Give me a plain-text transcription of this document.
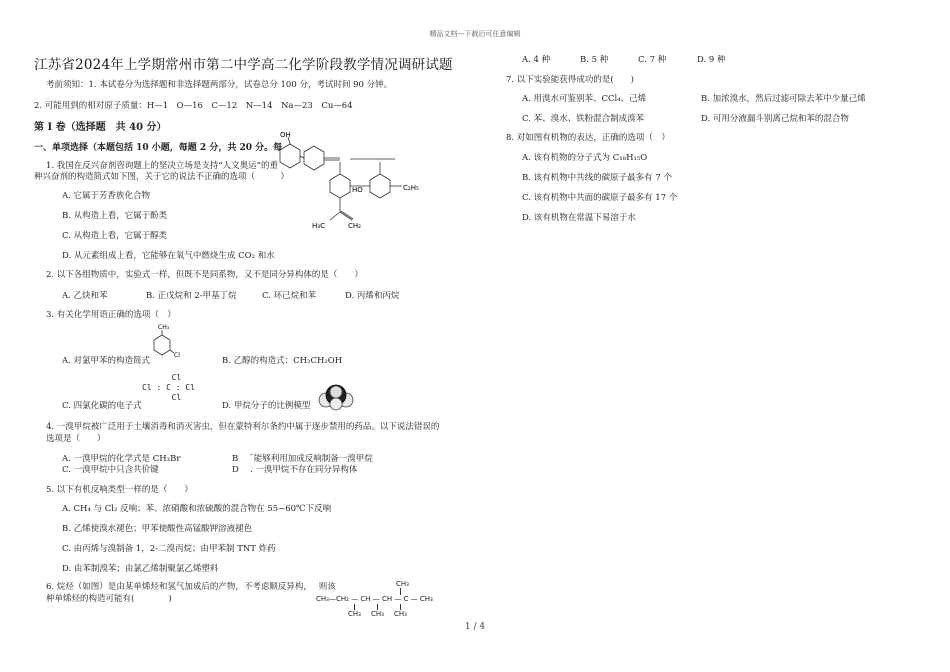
精品文档---下载后可任意编辑
江苏省2024年上学期常州市第二中学高二化学阶段教学情况调研试题
考前须知：1. 本试卷分为选择题和非选择题两部分，试卷总分 100 分，考试时间 90 分钟。
2. 可能用到的相对原子质量：H—1　O—16　C—12　N—14　Na—23　Cu—64
第 I 卷（选择题　共 40 分）
一、单项选择（本题包括 10 小题，每题 2 分，共 20 分。每
1. 我国在反兴奋剂咨询题上的坚决立场是支持“人文奥运”的重
种兴奋剂的构造简式如下图，关于它的说法不正确的选项（　　　）
A. 它属于芳香族化合物
B. 从构造上看，它属于酚类
C. 从构造上看，它属于醇类
D. 从元素组成上看，它能够在氧气中燃烧生成 CO₂ 和水
OH
HO	C₂H₅
H₃C	CH₂
2. 以下各组物质中，实验式一样，但既不是同系物，又不是同分异构体的是（　　）
A. 乙炔和苯	B. 正戊烷和 2-甲基丁烷	C. 环己烷和苯	D. 丙烯和丙烷
3. 有关化学用语正确的选项（　）
CH₃
Cl
A. 对氯甲苯的构造简式	B. 乙醇的构造式：CH₃CH₂OH
Cl
Cl : C : Cl
Cl
C. 四氯化碳的电子式	D. 甲烷分子的比例模型
4. 一溴甲烷被广泛用于土壤消毒和消灭害虫，但在蒙特利尔条约中属于逐步禁用的药品。以下说法错误的
选项是（　　）
A. 一溴甲烷的化学式是 CH₃Br	B　 ¯能够利用加成反响制备一溴甲烷
C. 一溴甲烷中只含共价键	D　 . 一溴甲烷不存在同分异构体
5. 以下有机反响类型一样的是（　　）
A. CH₄ 与 Cl₂ 反响；苯、浓硝酸和浓硫酸的混合物在 55~60℃下反响
B. 乙烯使溴水褪色；甲苯使酸性高锰酸钾溶液褪色
C. 由丙烯与溴制备 1，2-二溴丙烷；由甲苯制 TNT 炸药
D. 由苯制溴苯；由氯乙烯制聚氯乙烯塑料
6. 烷烃（如图）是由某单烯烃和氢气加成后的产物，不考虑顺反异构，　 则该
种单烯烃的构造可能有(　　　　)
CH₃
CH₃—CH₂ — CH — CH — C — CH₃
CH₃ CH₃ CH₃
A. 4 种	B. 5 种	C. 7 种	D. 9 种
7. 以下实验能获得成功的是(　　)
A. 用溴水可鉴别苯、CCl₄、己烯	B. 加浓溴水，然后过滤可除去苯中少量己烯
C. 苯、溴水、铁粉混合制成溴苯	D. 可用分液漏斗别离己烷和苯的混合物
8. 对如图有机物的表达，正确的选项（　）
A. 该有机物的分子式为 C₁₈H₁₅O
B. 该有机物中共线的碳原子最多有 7 个
C. 该有机物中共面的碳原子最多有 17 个
D. 该有机物在常温下易溶于水
1 / 4
